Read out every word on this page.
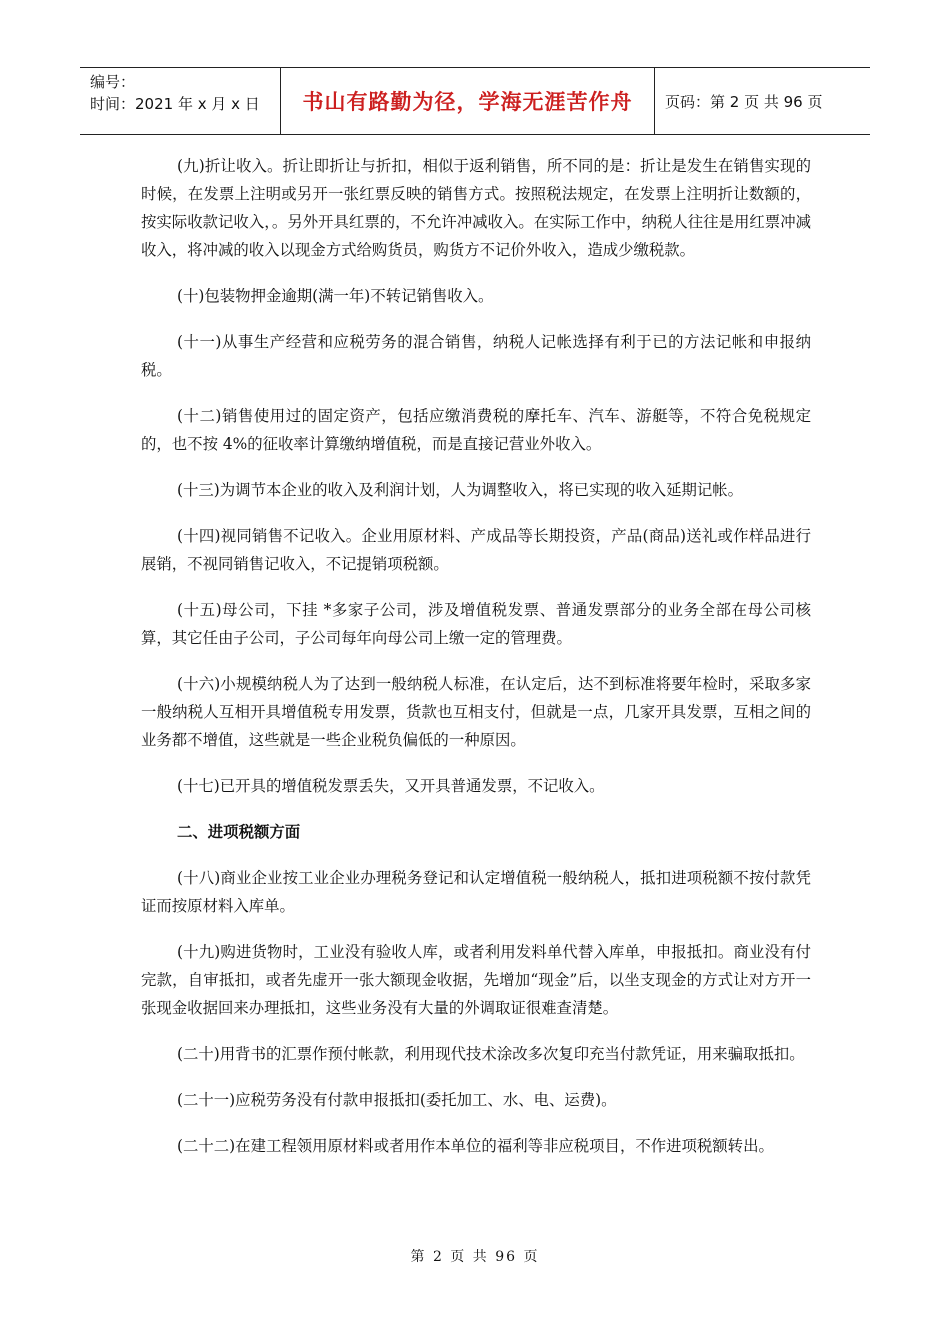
编号：
时间：2021 年 x 月 x 日	书山有路勤为径，学海无涯苦作舟	页码：第 2 页 共 96 页

(九)折让收入。折让即折让与折扣，相似于返利销售，所不同的是：折让是发生在销售实现的时候，在发票上注明或另开一张红票反映的销售方式。按照税法规定，在发票上注明折让数额的，按实际收款记收入，。另外开具红票的，不允许冲减收入。在实际工作中，纳税人往往是用红票冲减收入，将冲减的收入以现金方式给购货员，购货方不记价外收入，造成少缴税款。

(十)包装物押金逾期(满一年)不转记销售收入。

(十一)从事生产经营和应税劳务的混合销售，纳税人记帐选择有利于已的方法记帐和申报纳税。

(十二)销售使用过的固定资产，包括应缴消费税的摩托车、汽车、游艇等，不符合免税规定的，也不按 4%的征收率计算缴纳增值税，而是直接记营业外收入。

(十三)为调节本企业的收入及利润计划，人为调整收入，将已实现的收入延期记帐。

(十四)视同销售不记收入。企业用原材料、产成品等长期投资，产品(商品)送礼或作样品进行展销，不视同销售记收入，不记提销项税额。

(十五)母公司，下挂 *多家子公司，涉及增值税发票、普通发票部分的业务全部在母公司核算，其它任由子公司，子公司每年向母公司上缴一定的管理费。

(十六)小规模纳税人为了达到一般纳税人标准，在认定后，达不到标准将要年检时，采取多家一般纳税人互相开具增值税专用发票，货款也互相支付，但就是一点，几家开具发票，互相之间的业务都不增值，这些就是一些企业税负偏低的一种原因。

(十七)已开具的增值税发票丢失，又开具普通发票，不记收入。

二、进项税额方面

(十八)商业企业按工业企业办理税务登记和认定增值税一般纳税人，抵扣进项税额不按付款凭证而按原材料入库单。

(十九)购进货物时，工业没有验收人库，或者利用发料单代替入库单，申报抵扣。商业没有付完款，自审抵扣，或者先虚开一张大额现金收据，先增加“现金”后，以坐支现金的方式让对方开一张现金收据回来办理抵扣，这些业务没有大量的外调取证很难查清楚。

(二十)用背书的汇票作预付帐款，利用现代技术涂改多次复印充当付款凭证，用来骗取抵扣。

(二十一)应税劳务没有付款申报抵扣(委托加工、水、电、运费)。

(二十二)在建工程领用原材料或者用作本单位的福利等非应税项目，不作进项税额转出。

第 2 页 共 96 页
